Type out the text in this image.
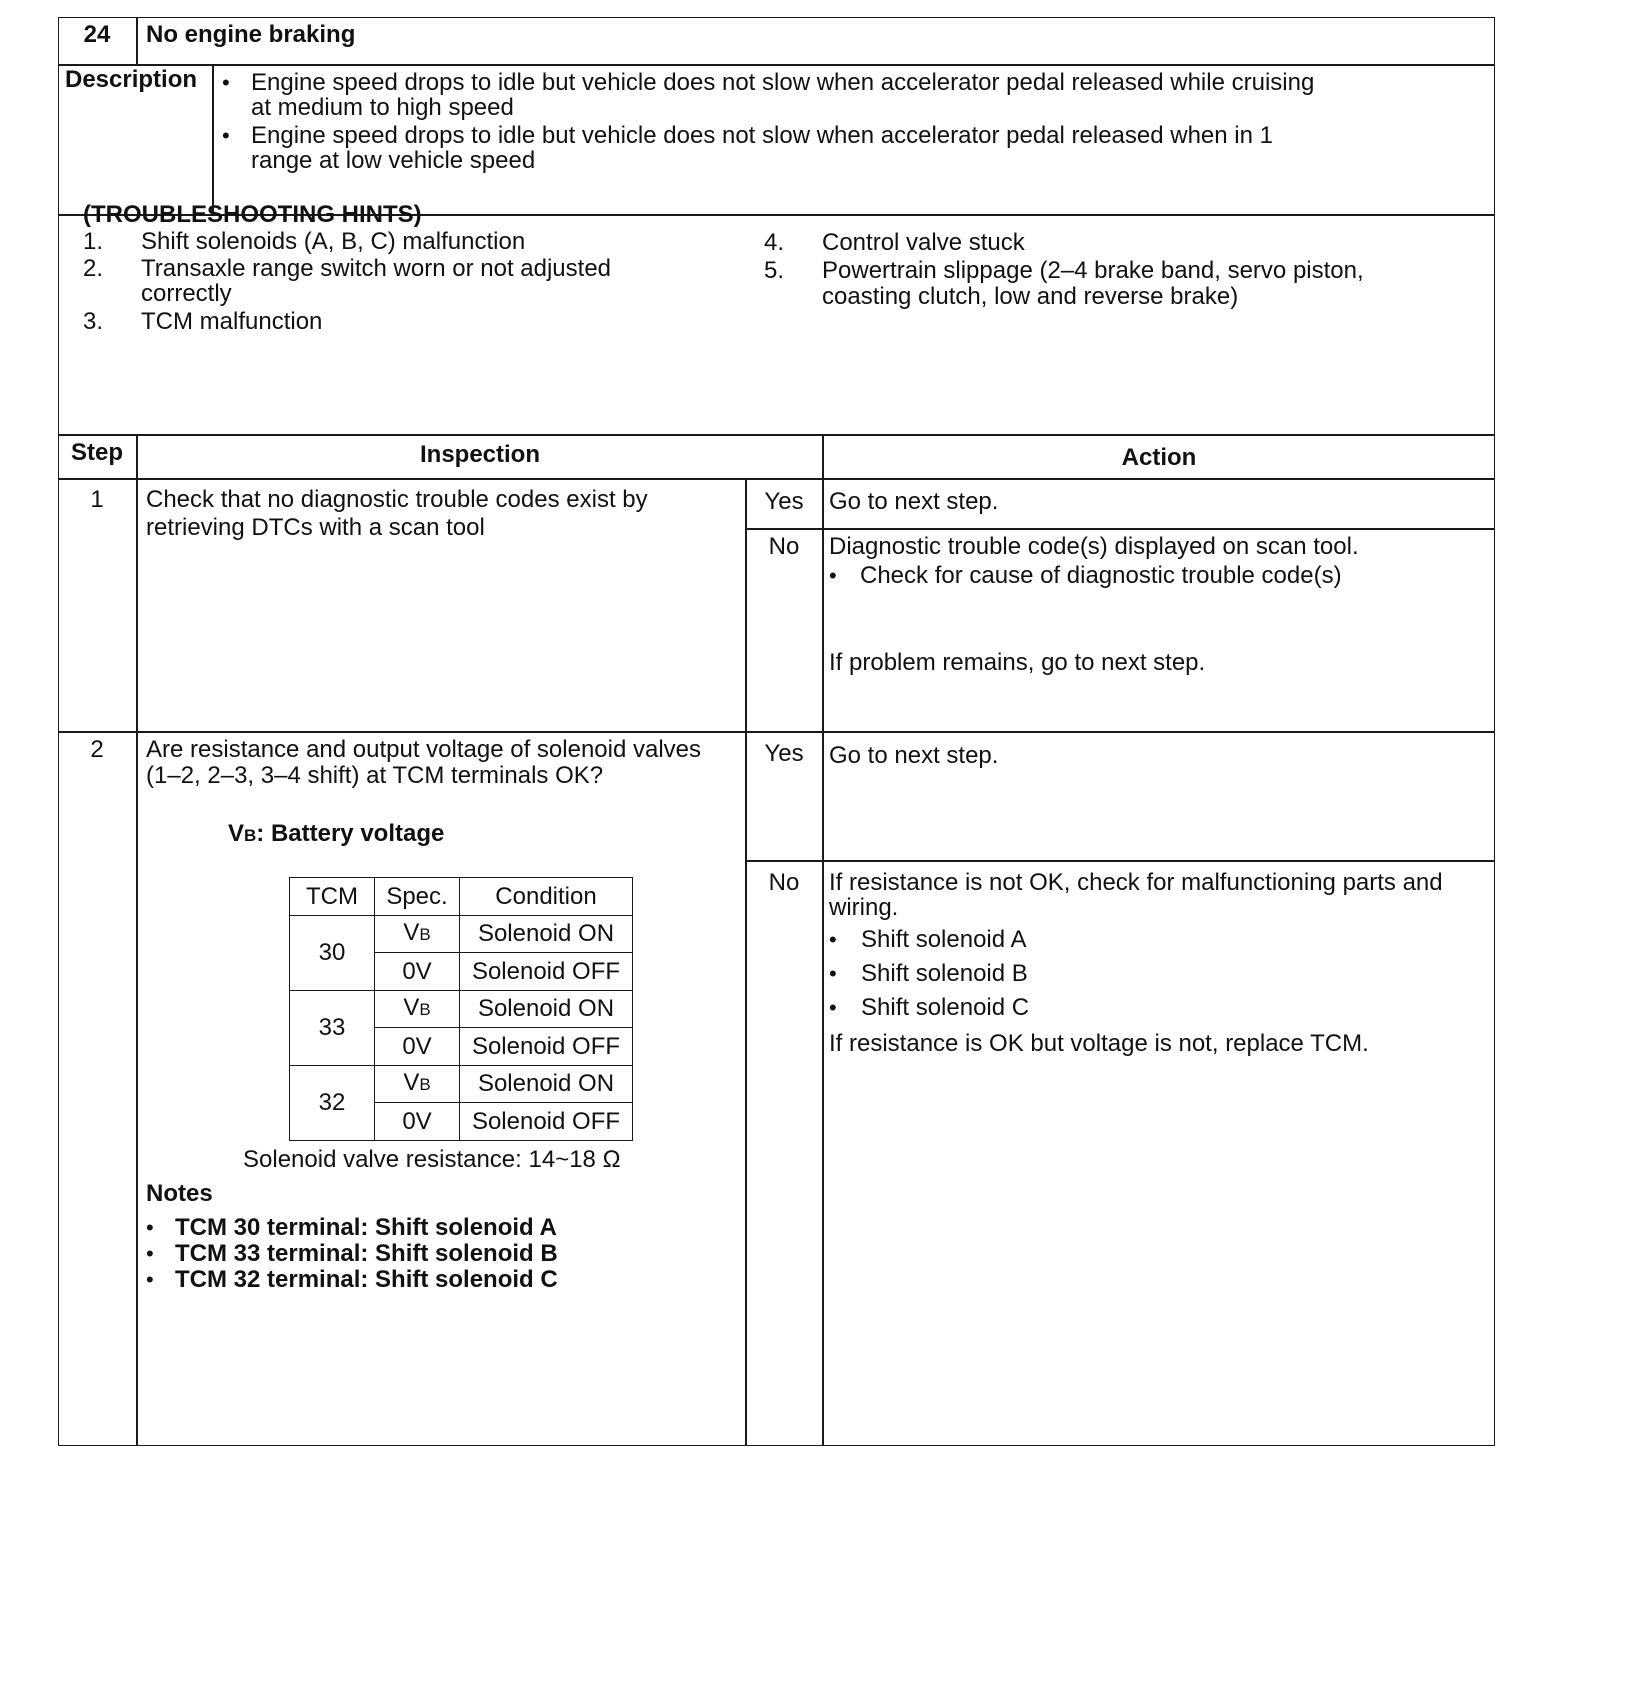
24	No engine braking
Description • Engine speed drops to idle but vehicle does not slow when accelerator pedal released while cruising
at medium to high speed
• Engine speed drops to idle but vehicle does not slow when accelerator pedal released when in 1
range at low vehicle speed
(TROUBLESHOOTING HINTS)
1. Shift solenoids (A, B, C) malfunction
2. Transaxle range switch worn or not adjusted
correctly
3. TCM malfunction
4. Control valve stuck
5. Powertrain slippage (2–4 brake band, servo piston,
coasting clutch, low and reverse brake)
Step	Inspection	Action
1	Check that no diagnostic trouble codes exist by
retrieving DTCs with a scan tool
Yes	Go to next step.
No	Diagnostic trouble code(s) displayed on scan tool.
• Check for cause of diagnostic trouble code(s)
If problem remains, go to next step.
2	Are resistance and output voltage of solenoid valves
(1–2, 2–3, 3–4 shift) at TCM terminals OK?
VB: Battery voltage
TCM	Spec.	Condition
30	VB	Solenoid ON
	0V	Solenoid OFF
33	VB	Solenoid ON
	0V	Solenoid OFF
32	VB	Solenoid ON
	0V	Solenoid OFF
Solenoid valve resistance: 14~18 Ω
Notes
• TCM 30 terminal: Shift solenoid A
• TCM 33 terminal: Shift solenoid B
• TCM 32 terminal: Shift solenoid C
Yes	Go to next step.
No	If resistance is not OK, check for malfunctioning parts and
wiring.
• Shift solenoid A
• Shift solenoid B
• Shift solenoid C
If resistance is OK but voltage is not, replace TCM.
